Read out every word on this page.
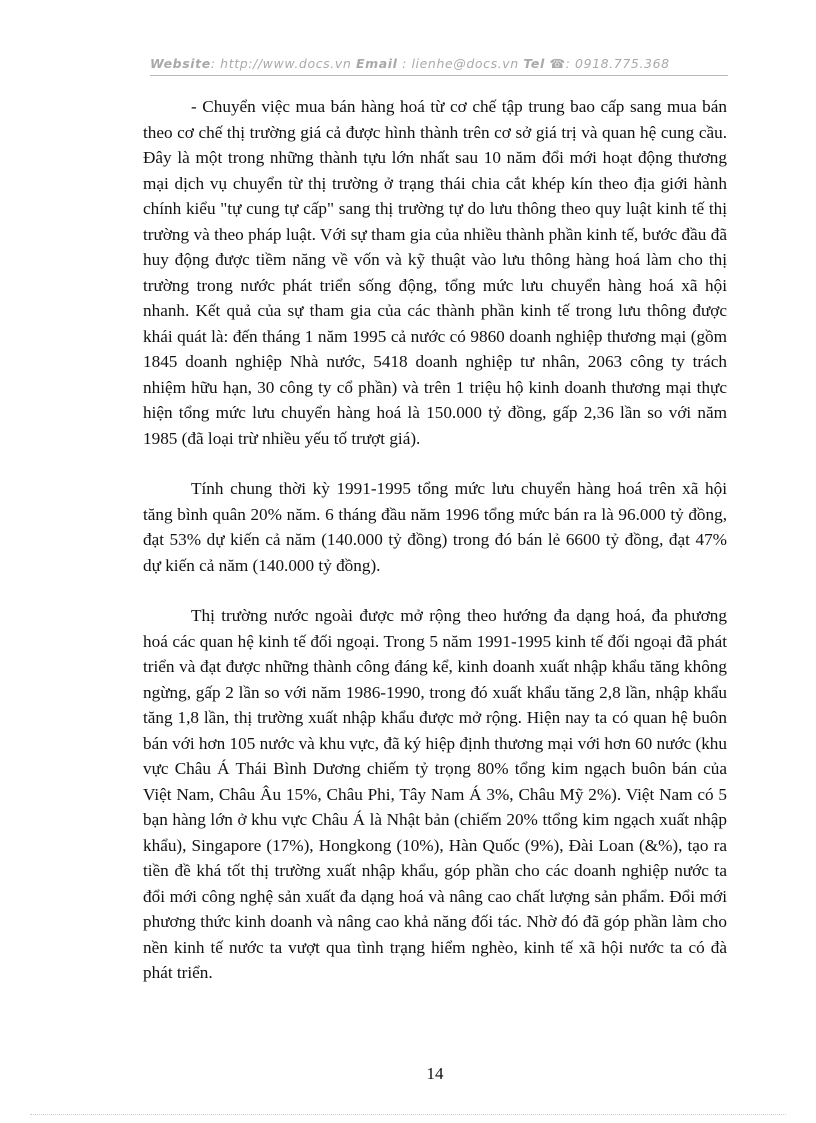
Website: http://www.docs.vn Email : lienhe@docs.vn Tel ☎: 0918.775.368

- Chuyển việc mua bán hàng hoá từ cơ chế tập trung bao cấp sang mua bán theo cơ chế thị trường giá cả được hình thành trên cơ sở giá trị và quan hệ cung cầu. Đây là một trong những thành tựu lớn nhất sau 10 năm đổi mới hoạt động thương mại dịch vụ chuyển từ thị trường ở trạng thái chia cắt khép kín theo địa giới hành chính kiểu "tự cung tự cấp" sang thị trường tự do lưu thông theo quy luật kinh tế thị trường và theo pháp luật. Với sự tham gia của nhiều thành phần kinh tế, bước đầu đã huy động được tiềm năng về vốn và kỹ thuật vào lưu thông hàng hoá làm cho thị trường trong nước phát triển sống động, tổng mức lưu chuyển hàng hoá xã hội nhanh. Kết quả của sự tham gia của các thành phần kinh tế trong lưu thông được khái quát là: đến tháng 1 năm 1995 cả nước có 9860 doanh nghiệp thương mại (gồm 1845 doanh nghiệp Nhà nước, 5418 doanh nghiệp tư nhân, 2063 công ty trách nhiệm hữu hạn, 30 công ty cổ phần) và trên 1 triệu hộ kinh doanh thương mại thực hiện tổng mức lưu chuyển hàng hoá là 150.000 tỷ đồng, gấp 2,36 lần so với năm 1985 (đã loại trừ nhiều yếu tố trượt giá).

Tính chung thời kỳ 1991-1995 tổng mức lưu chuyển hàng hoá trên xã hội tăng bình quân 20% năm. 6 tháng đầu năm 1996 tổng mức bán ra là 96.000 tỷ đồng, đạt 53% dự kiến cả năm (140.000 tỷ đồng) trong đó bán lẻ 6600 tỷ đồng, đạt 47% dự kiến cả năm (140.000 tỷ đồng).

Thị trường nước ngoài được mở rộng theo hướng đa dạng hoá, đa phương hoá các quan hệ kinh tế đối ngoại. Trong 5 năm 1991-1995 kinh tế đối ngoại đã phát triển và đạt được những thành công đáng kể, kinh doanh xuất nhập khẩu tăng không ngừng, gấp 2 lần so với năm 1986-1990, trong đó xuất khẩu tăng 2,8 lần, nhập khẩu tăng 1,8 lần, thị trường xuất nhập khẩu được mở rộng. Hiện nay ta có quan hệ buôn bán với hơn 105 nước và khu vực, đã ký hiệp định thương mại với hơn 60 nước (khu vực Châu Á Thái Bình Dương chiếm tỷ trọng 80% tổng kim ngạch buôn bán của Việt Nam, Châu Âu 15%, Châu Phi, Tây Nam Á 3%, Châu Mỹ 2%). Việt Nam có 5 bạn hàng lớn ở khu vực Châu Á là Nhật bản (chiếm 20% ttổng kim ngạch xuất nhập khẩu), Singapore (17%), Hongkong (10%), Hàn Quốc (9%), Đài Loan (&%), tạo ra tiền đề khá tốt thị trường xuất nhập khẩu, góp phần cho các doanh nghiệp nước ta đổi mới công nghệ sản xuất đa dạng hoá và nâng cao chất lượng sản phẩm. Đổi mới phương thức kinh doanh và nâng cao khả năng đối tác. Nhờ đó đã góp phần làm cho nền kinh tế nước ta vượt qua tình trạng hiểm nghèo, kinh tế xã hội nước ta có đà phát triển.

14
